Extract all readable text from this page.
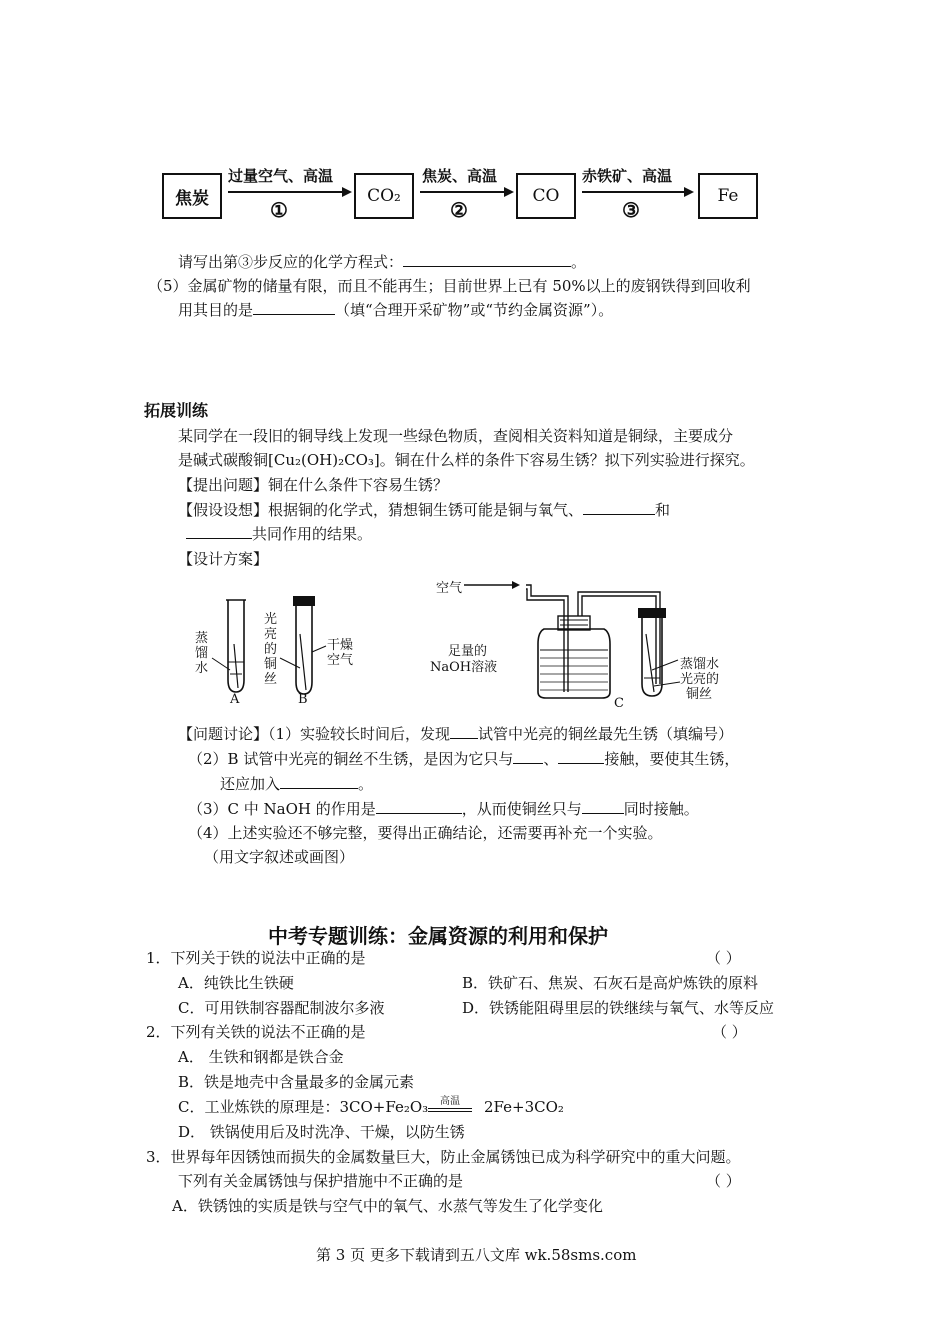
焦炭
过量空气、高温
①
CO₂
焦炭、高温
②
CO
赤铁矿、高温
③
Fe
请写出第③步反应的化学方程式：	。
（5）金属矿物的储量有限，而且不能再生；目前世界上已有 50%以上的废钢铁得到回收利
用其目的是	（填“合理开采矿物”或“节约金属资源”）。
拓展训练
某同学在一段旧的铜导线上发现一些绿色物质，查阅相关资料知道是铜绿，主要成分
是碱式碳酸铜[Cu₂(OH)₂CO₃]。铜在什么样的条件下容易生锈？拟下列实验进行探究。
【提出问题】铜在什么条件下容易生锈？
【假设设想】根据铜的化学式，猜想铜生锈可能是铜与氧气、	和
共同作用的结果。
【设计方案】
蒸
馏
水
光
亮
的
铜
丝
干燥
空气
A	B
空气
足量的
NaOH溶液	蒸馏水
光亮的
铜丝
C
【问题讨论】（1）实验较长时间后，发现 试管中光亮的铜丝最先生锈（填编号）
（2）B 试管中光亮的铜丝不生锈，是因为它只与 、	接触，要使其生锈，
还应加入	。
（3）C 中 NaOH 的作用是	，从而使铜丝只与	同时接触。
（4）上述实验还不够完整，要得出正确结论，还需要再补充一个实验。
（用文字叙述或画图）
中考专题训练：金属资源的利用和保护
1．下列关于铁的说法中正确的是	（ ）
A．纯铁比生铁硬	B．铁矿石、焦炭、石灰石是高炉炼铁的原料
C．可用铁制容器配制波尔多液	D．铁锈能阻碍里层的铁继续与氧气、水等反应
2．下列有关铁的说法不正确的是	（ ）
A． 生铁和钢都是铁合金
B．铁是地壳中含量最多的金属元素
C．工业炼铁的原理是：3CO+Fe₂O₃	高温	2Fe+3CO₂
D． 铁锅使用后及时洗净、干燥，以防生锈
3．世界每年因锈蚀而损失的金属数量巨大，防止金属锈蚀已成为科学研究中的重大问题。
下列有关金属锈蚀与保护措施中不正确的是	（ ）
A．铁锈蚀的实质是铁与空气中的氧气、水蒸气等发生了化学变化
第 3 页 更多下载请到五八文库 wk.58sms.com
